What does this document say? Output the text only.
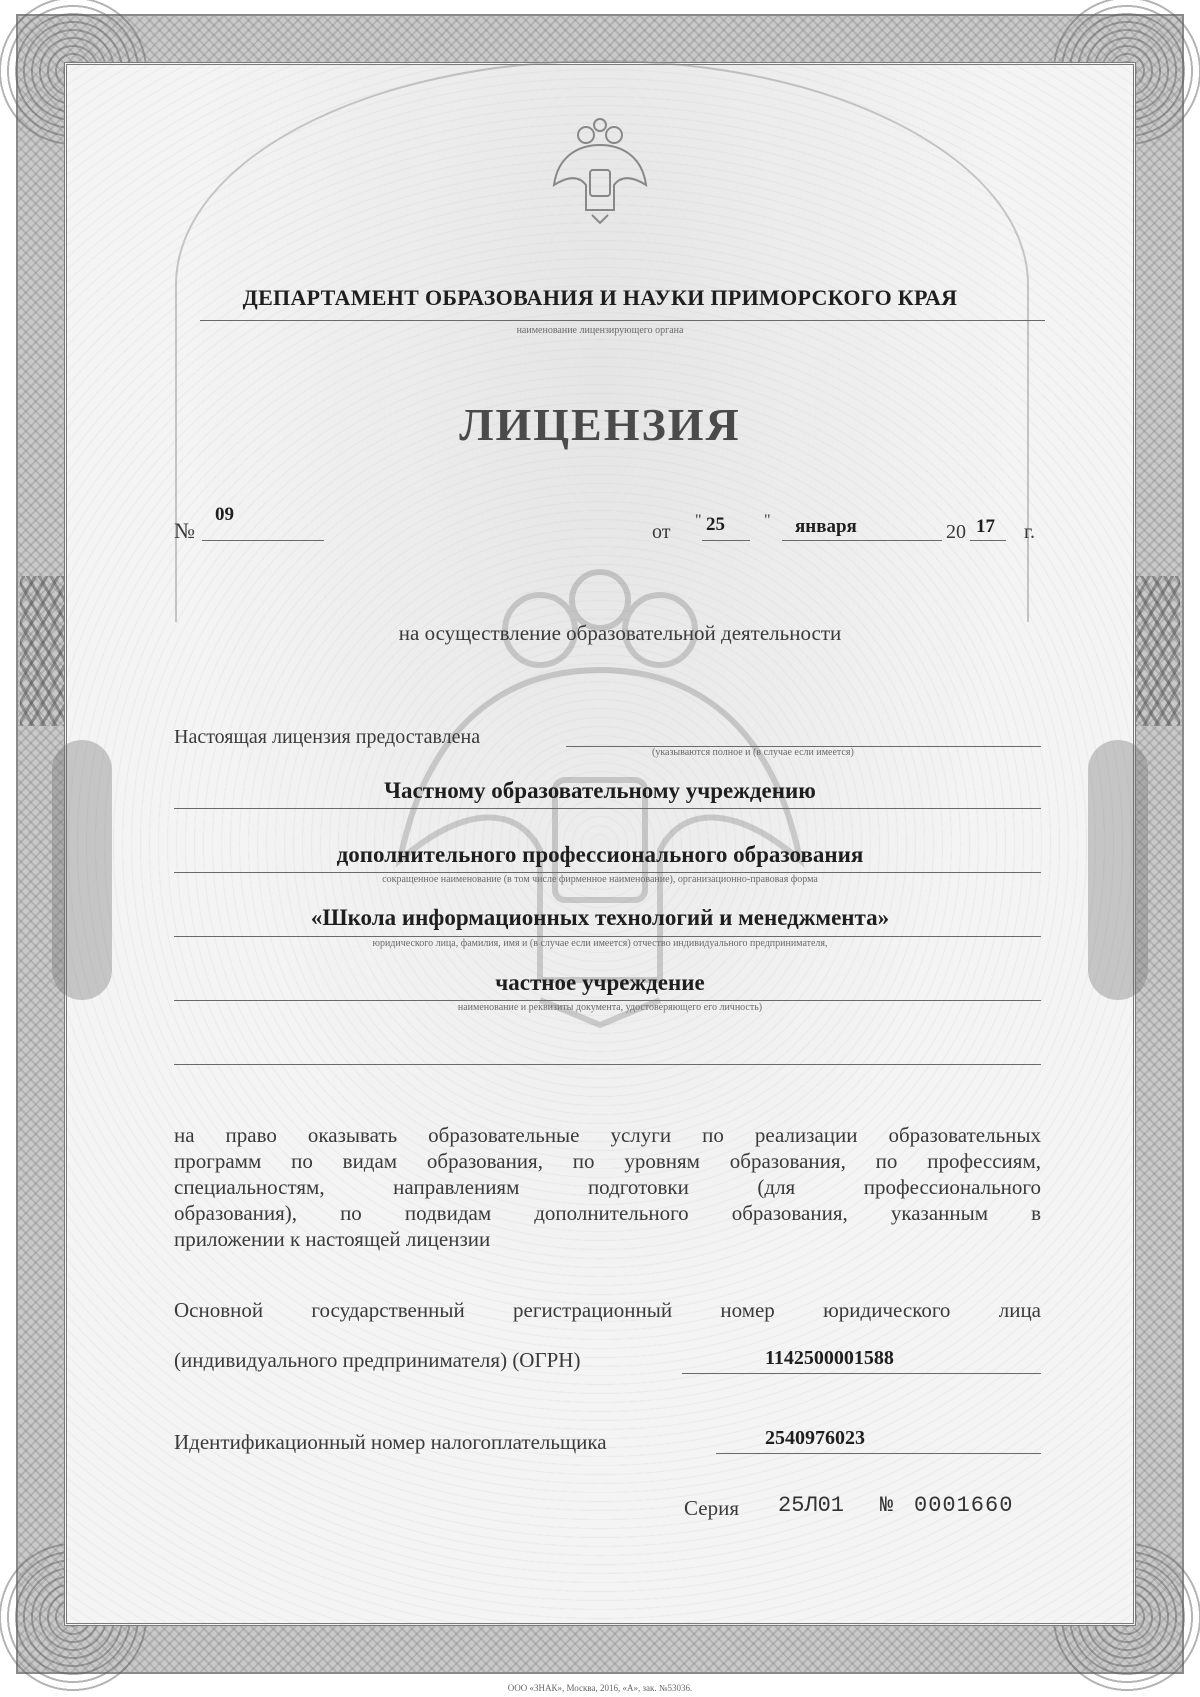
ДЕПАРТАМЕНТ ОБРАЗОВАНИЯ И НАУКИ ПРИМОРСКОГО КРАЯ
наименование лицензирующего органа
ЛИЦЕНЗИЯ
№
09
от
" 25 " января	20 17 г.
на осуществление образовательной деятельности
Настоящая лицензия предоставлена
(указываются полное и (в случае если имеется)
Частному образовательному учреждению
дополнительного профессионального образования
сокращенное наименование (в том числе фирменное наименование), организационно-правовая форма
«Школа информационных технологий и менеджмента»
юридического лица, фамилия, имя и (в случае если имеется) отчество индивидуального предпринимателя,
частное учреждение
наименование и реквизиты документа, удостоверяющего его личность)
на право оказывать образовательные услуги по реализации образовательных
программ по видам образования, по уровням образования, по профессиям,
специальностям, направлениям подготовки (для профессионального
образования), по подвидам дополнительного образования, указанным в
приложении к настоящей лицензии
Основной государственный регистрационный номер юридического лица
(индивидуального предпринимателя) (ОГРН)	1142500001588
Идентификационный номер налогоплательщика	2540976023
Серия 25Л01 № 0001660
ООО «ЗНАК», Москва, 2016, «А», зак. №53036.
